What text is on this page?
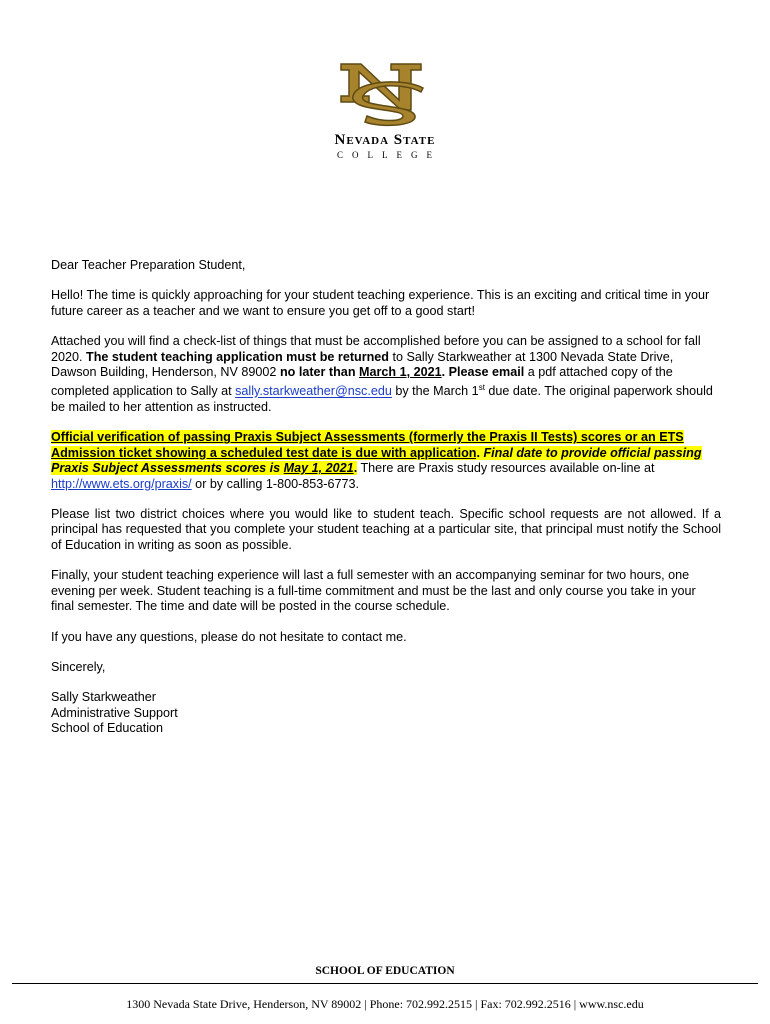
Nevada State
COLLEGE

Dear Teacher Preparation Student,

Hello! The time is quickly approaching for your student teaching experience. This is an exciting and critical time in your future career as a teacher and we want to ensure you get off to a good start!

Attached you will find a check-list of things that must be accomplished before you can be assigned to a school for fall 2020. The student teaching application must be returned to Sally Starkweather at 1300 Nevada State Drive, Dawson Building, Henderson, NV 89002 no later than March 1, 2021. Please email a pdf attached copy of the completed application to Sally at sally.starkweather@nsc.edu by the March 1st due date. The original paperwork should be mailed to her attention as instructed.

Official verification of passing Praxis Subject Assessments (formerly the Praxis II Tests) scores or an ETS Admission ticket showing a scheduled test date is due with application. Final date to provide official passing Praxis Subject Assessments scores is May 1, 2021. There are Praxis study resources available on-line at http://www.ets.org/praxis/ or by calling 1-800-853-6773.

Please list two district choices where you would like to student teach. Specific school requests are not allowed. If a principal has requested that you complete your student teaching at a particular site, that principal must notify the School of Education in writing as soon as possible.

Finally, your student teaching experience will last a full semester with an accompanying seminar for two hours, one evening per week. Student teaching is a full-time commitment and must be the last and only course you take in your final semester. The time and date will be posted in the course schedule.

If you have any questions, please do not hesitate to contact me.

Sincerely,

Sally Starkweather

Administrative Support

School of Education

SCHOOL OF EDUCATION
1300 Nevada State Drive, Henderson, NV 89002 | Phone: 702.992.2515 | Fax: 702.992.2516 | www.nsc.edu
